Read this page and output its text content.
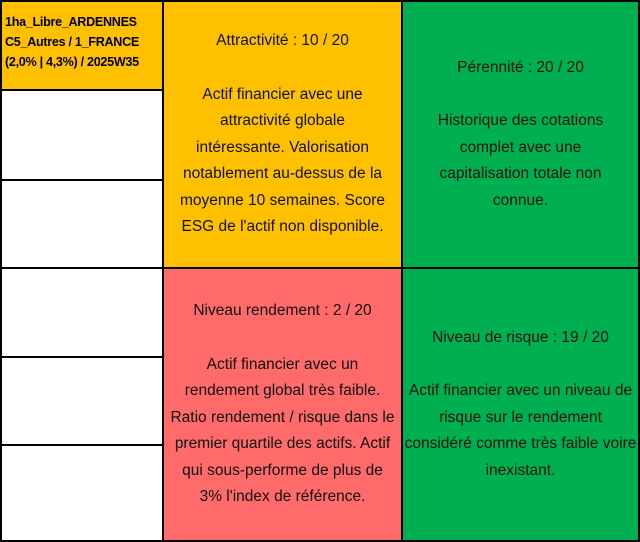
1ha_Libre_ARDENNES
C5_Autres / 1_FRANCE
(2,0% | 4,3%) / 2025W35
Attractivité : 10 / 20
Actif financier avec une attractivité globale intéressante. Valorisation notablement au-dessus de la moyenne 10 semaines. Score ESG de l'actif non disponible.
Pérennité : 20 / 20
Historique des cotations complet avec une capitalisation totale non connue.
Niveau rendement : 2 / 20
Actif financier avec un rendement global très faible. Ratio rendement / risque dans le premier quartile des actifs. Actif qui sous-performe de plus de 3% l'index de référence.
Niveau de risque : 19 / 20
Actif financier avec un niveau de risque sur le rendement considéré comme très faible voire inexistant.
